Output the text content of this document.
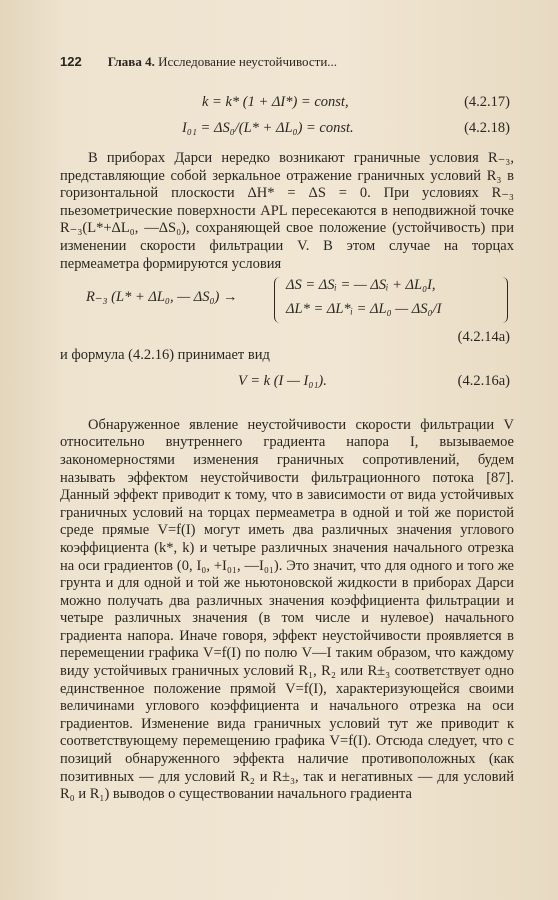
122 Глава 4. Исследование неустойчивости...
k = k* (1 + ΔI*) = const,	(4.2.17)
I₀₁ = ΔS₀/(L* + ΔL₀) = const.	(4.2.18)

В приборах Дарси нередко возникают граничные условия R₋₃, представляющие собой зеркальное отражение граничных условий R₃ в горизонтальной плоскости ΔH* = ΔS = 0. При условиях R₋₃ пьезометрические поверхности APL пересекаются в неподвижной точке R₋₃(L*+ΔL₀, —ΔS₀), сохраняющей свое положение (устойчивость) при изменении скорости фильтрации V. В этом случае на торцах пермеаметра формируются условия

R₋₃ (L* + ΔL₀, — ΔS₀) →
ΔS = ΔSᵢ = — ΔSᵢ + ΔL₀I,
ΔL* = ΔL*ᵢ = ΔL₀ — ΔS₀/I
(4.2.14а)
и формула (4.2.16) принимает вид
V = k (I — I₀₁).	(4.2.16а)

Обнаруженное явление неустойчивости скорости фильтрации V относительно внутреннего градиента напора I, вызываемое закономерностями изменения граничных сопротивлений, будем называть эффектом неустойчивости фильтрационного потока [87]. Данный эффект приводит к тому, что в зависимости от вида устойчивых граничных условий на торцах пермеаметра в одной и той же пористой среде прямые V=f(I) могут иметь два различных значения углового коэффициента (k*, k) и четыре различных значения начального отрезка на оси градиентов (0, I₀, +I₀₁, —I₀₁). Это значит, что для одного и того же грунта и для одной и той же ньютоновской жидкости в приборах Дарси можно получать два различных значения коэффициента фильтрации и четыре различных значения (в том числе и нулевое) начального градиента напора. Иначе говоря, эффект неустойчивости проявляется в перемещении графика V=f(I) по полю V—I таким образом, что каждому виду устойчивых граничных условий R₁, R₂ или R±₃ соответствует одно единственное положение прямой V=f(I), характеризующейся своими величинами углового коэффициента и начального отрезка на оси градиентов. Изменение вида граничных условий тут же приводит к соответствующему перемещению графика V=f(I). Отсюда следует, что с позиций обнаруженного эффекта наличие противоположных (как позитивных — для условий R₂ и R±₃, так и негативных — для условий R₀ и R₁) выводов о существовании начального градиента
